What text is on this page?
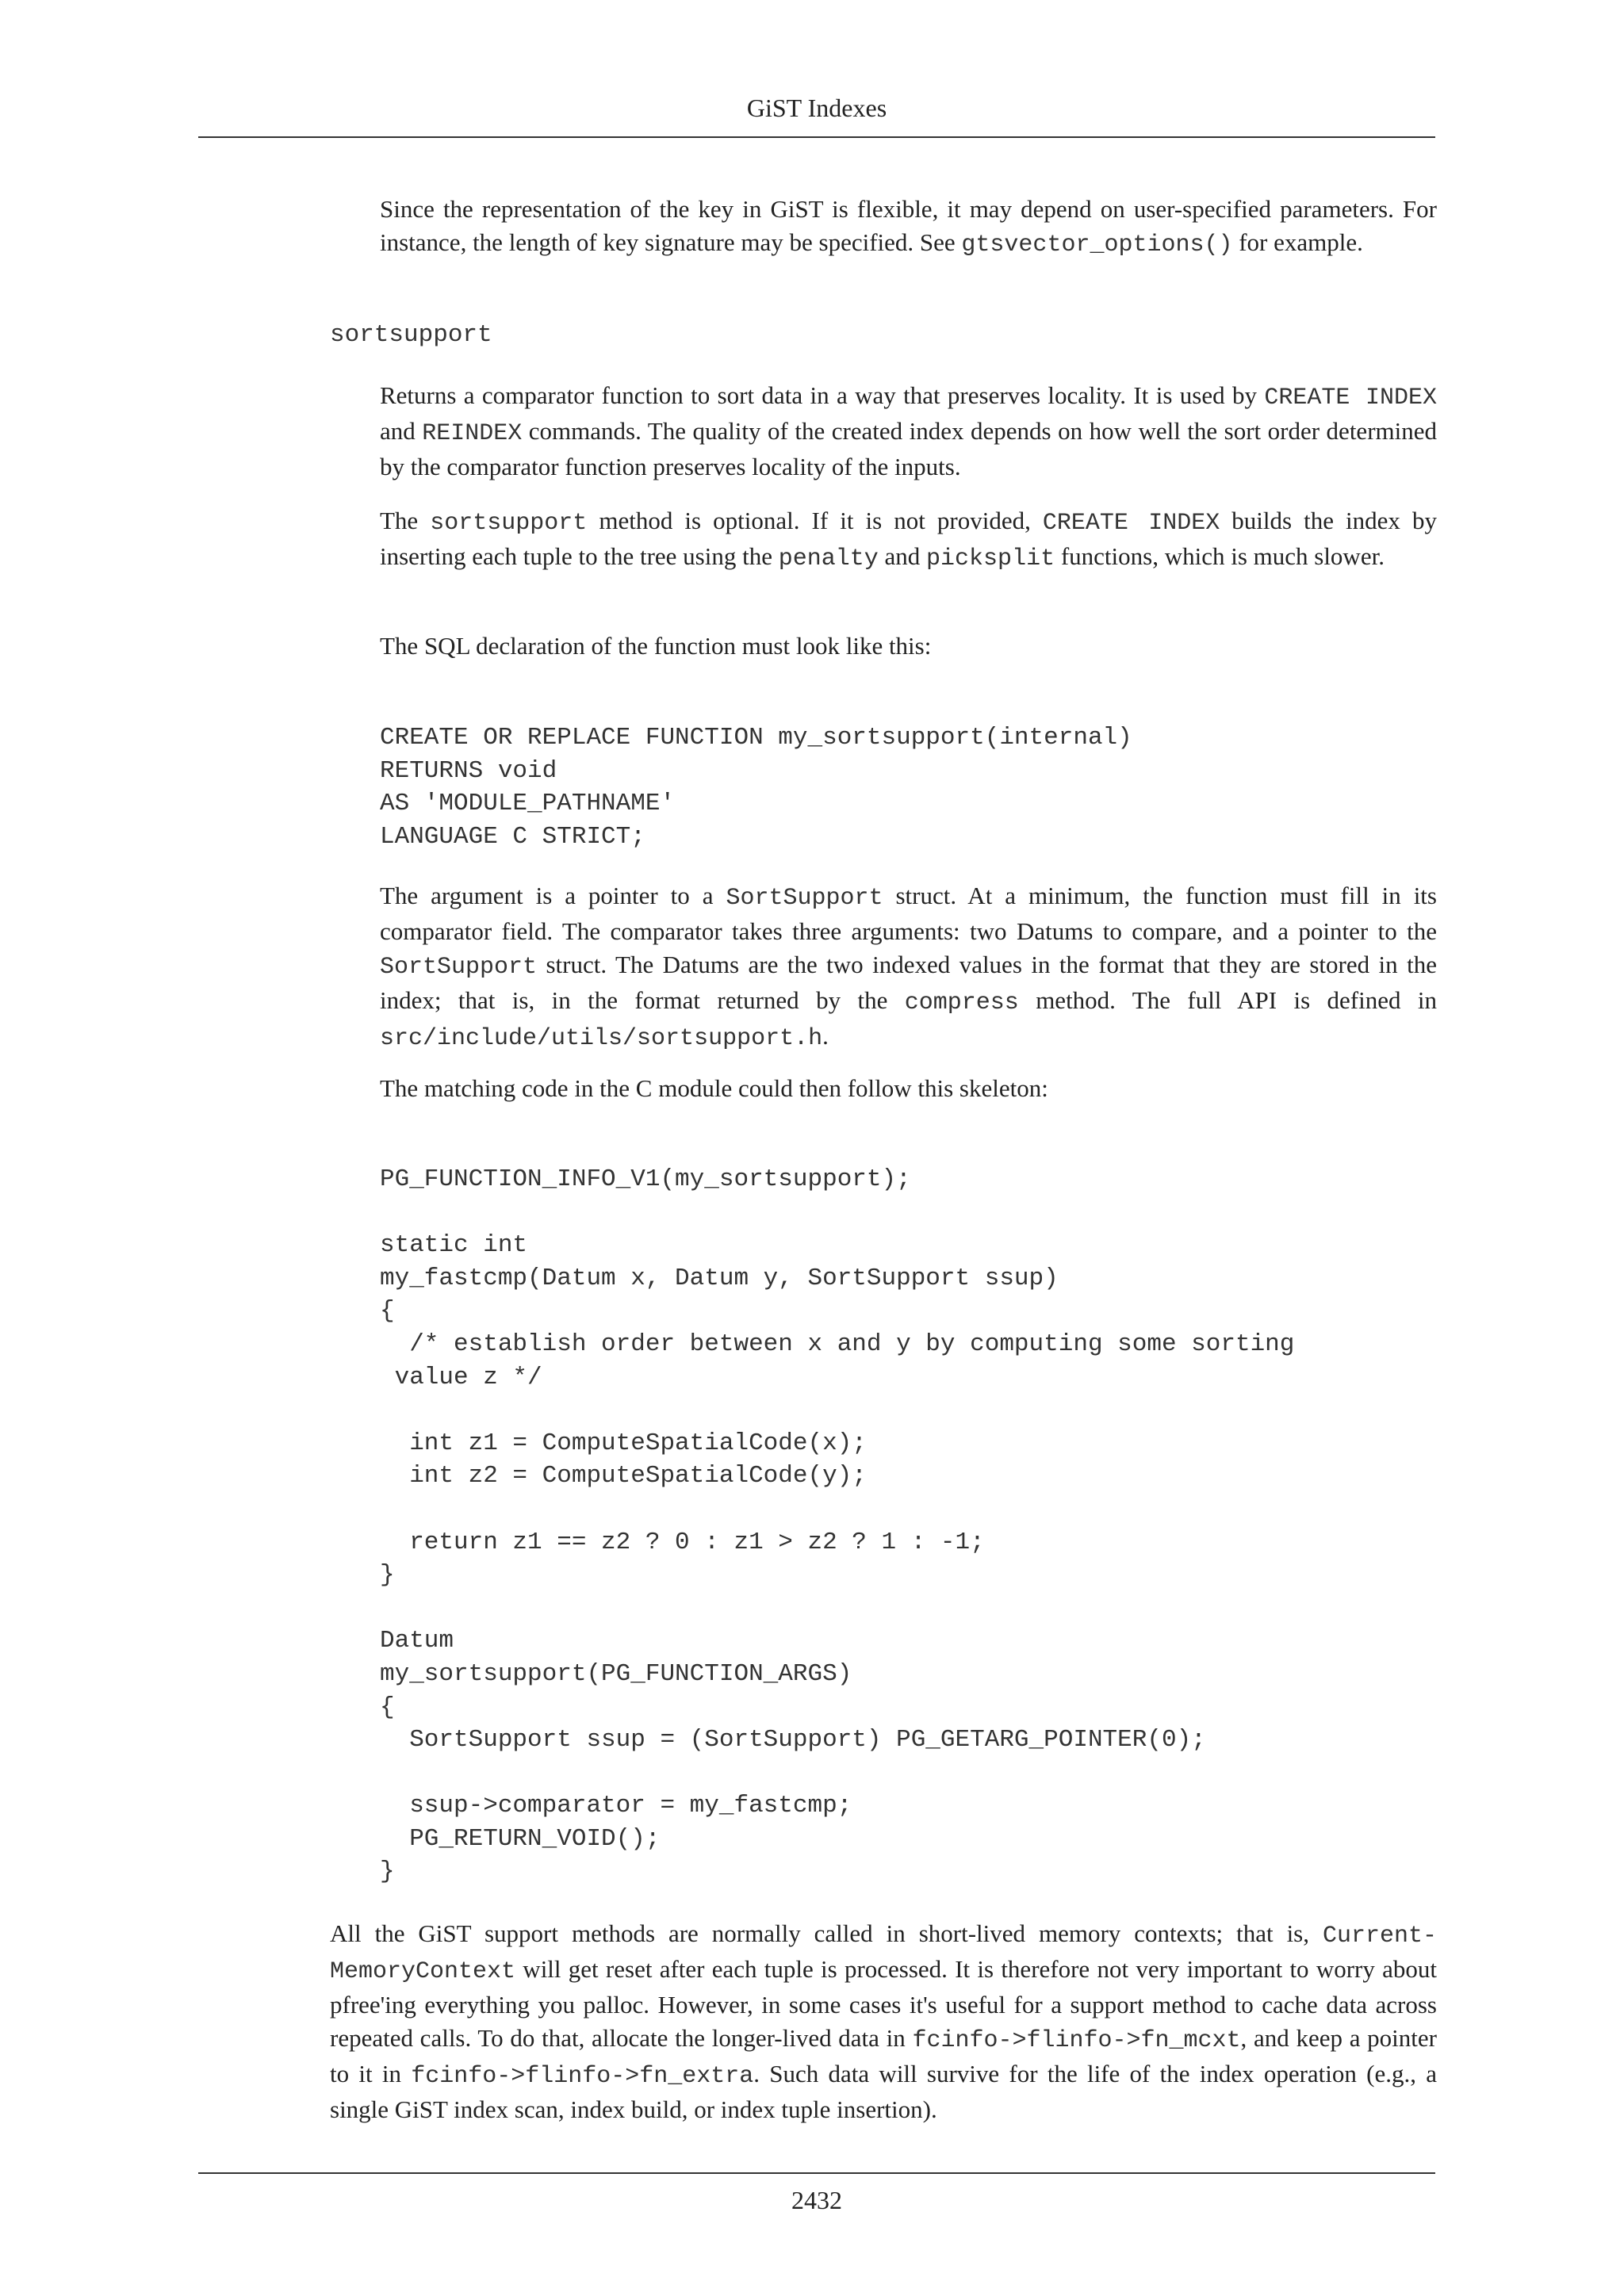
GiST Indexes

Since the representation of the key in GiST is flexible, it may depend on user-specified parameters. For instance, the length of key signature may be specified. See gtsvector_options() for example.

sortsupport

Returns a comparator function to sort data in a way that preserves locality. It is used by CREATE INDEX and REINDEX commands. The quality of the created index depends on how well the sort order determined by the comparator function preserves locality of the inputs.

The sortsupport method is optional. If it is not provided, CREATE INDEX builds the index by inserting each tuple to the tree using the penalty and picksplit functions, which is much slower.

The SQL declaration of the function must look like this:

CREATE OR REPLACE FUNCTION my_sortsupport(internal)
RETURNS void
AS 'MODULE_PATHNAME'
LANGUAGE C STRICT;

The argument is a pointer to a SortSupport struct. At a minimum, the function must fill in its comparator field. The comparator takes three arguments: two Datums to compare, and a pointer to the SortSupport struct. The Datums are the two indexed values in the format that they are stored in the index; that is, in the format returned by the compress method. The full API is defined in src/include/utils/sortsupport.h.

The matching code in the C module could then follow this skeleton:

PG_FUNCTION_INFO_V1(my_sortsupport);

static int
my_fastcmp(Datum x, Datum y, SortSupport ssup)
{
/* establish order between x and y by computing some sorting
value z */

int z1 = ComputeSpatialCode(x);
int z2 = ComputeSpatialCode(y);

return z1 == z2 ? 0 : z1 > z2 ? 1 : -1;
}

Datum
my_sortsupport(PG_FUNCTION_ARGS)
{
SortSupport ssup = (SortSupport) PG_GETARG_POINTER(0);

ssup->comparator = my_fastcmp;
PG_RETURN_VOID();
}

All the GiST support methods are normally called in short-lived memory contexts; that is, Current-MemoryContext will get reset after each tuple is processed. It is therefore not very important to worry about pfree'ing everything you palloc. However, in some cases it's useful for a support method to cache data across repeated calls. To do that, allocate the longer-lived data in fcinfo->flinfo->fn_mcxt, and keep a pointer to it in fcinfo->flinfo->fn_extra. Such data will survive for the life of the index operation (e.g., a single GiST index scan, index build, or index tuple insertion).

2432
